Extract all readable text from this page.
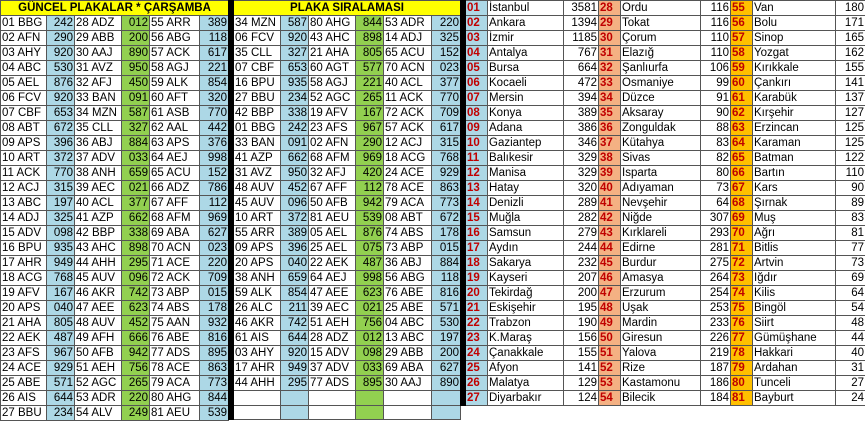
GÜNCEL PLAKALAR * ÇARŞAMBA					
01 BBG	242	28 ADZ	012	55 ARR	389
02 AFN	290	29 ABB	200	56 ABG	118
03 AHY	920	30 AAJ	890	57 ACK	617
04 ABC	530	31 AVZ	950	58 AGJ	221
05 AEL	876	32 AFJ	450	59 ALK	854
06 FCV	920	33 BAN	091	60 AFT	320
07 CBF	653	34 MZN	587	61 ASB	770
08 ABT	672	35 CLL	327	62 AAL	442
09 APS	396	36 ABJ	884	63 APS	376
10 ART	372	37 ADV	033	64 AEJ	998
11 ACK	770	38 ANH	659	65 ACU	152
12 ACJ	315	39 AEC	021	66 ADZ	786
13 ABC	197	40 ACL	377	67 AFF	112
14 ADJ	325	41 AZP	662	68 AFM	969
15 ADV	098	42 BBP	338	69 ABA	627
16 BPU	935	43 AHC	898	70 ACN	023
17 AHR	949	44 AHH	295	71 ACE	220
18 ACG	768	45 AUV	096	72 ACK	709
19 AFV	167	46 AKR	742	73 ABP	015
20 APS	040	47 AEE	623	74 ABS	178
21 AHA	805	48 AUV	452	75 AAN	932
22 AEK	487	49 AFH	666	76 ABE	816
23 AFS	967	50 AFB	942	77 ADS	895
24 ACE	929	51 AEH	756	78 ACE	863
25 ABE	571	52 AGC	265	79 ACA	773
26 AIS	644	53 ADR	220	80 AHG	844
27 BBU	234	54 ALV	249	81 AEU	539
	PLAKA SIRALAMASI					
	34 MZN	587	80 AHG	844	53 ADR	220
	06 FCV	920	43 AHC	898	14 ADJ	325
	35 CLL	327	21 AHA	805	65 ACU	152
	07 CBF	653	60 AGT	577	70 ACN	023
	16 BPU	935	58 AGJ	221	40 ACL	377
	27 BBU	234	52 AGC	265	11 ACK	770
	42 BBP	338	19 AFV	167	72 ACK	709
	01 BBG	242	23 AFS	967	57 ACK	617
	33 BAN	091	02 AFN	290	12 ACJ	315
	41 AZP	662	68 AFM	969	18 ACG	768
	31 AVZ	950	32 AFJ	420	24 ACE	929
	48 AUV	452	67 AFF	112	78 ACE	863
	45 AUV	096	50 AFB	942	79 ACA	773
	10 ART	372	81 AEU	539	08 ABT	672
	55 ARR	389	05 AEL	876	74 ABS	178
	09 APS	396	25 AEL	075	73 ABP	015
	20 APS	040	22 AEK	487	36 ABJ	884
	38 ANH	659	64 AEJ	998	56 ABG	118
	59 ALK	854	47 AEE	623	76 ABE	816
	26 ALC	211	39 AEC	021	25 ABE	571
	46 AKR	742	51 AEH	756	04 ABC	530
	61 AIS	644	28 ADZ	012	13 ABC	197
	03 AHY	920	15 ADV	098	29 ABB	200
	17 AHR	949	37 ADV	033	69 ABA	627
	44 AHH	295	77 ADS	895	30 AAJ	890

	01	İstanbul	3581	28	Ordu	116	55	Van	180
	02	Ankara	1394	29	Tokat	116	56	Bolu	171
	03	İzmir	1185	30	Çorum	110	57	Sinop	165
	04	Antalya	767	31	Elazığ	110	58	Yozgat	162
	05	Bursa	664	32	Şanlıurfa	106	59	Kırıkkale	155
	06	Kocaeli	472	33	Osmaniye	99	60	Çankırı	141
	07	Mersin	394	34	Düzce	91	61	Karabük	137
	08	Konya	389	35	Aksaray	90	62	Kırşehir	127
	09	Adana	386	36	Zonguldak	88	63	Erzincan	125
	10	Gaziantep	346	37	Kütahya	83	64	Karaman	125
	11	Balıkesir	329	38	Sivas	82	65	Batman	122
	12	Manisa	329	39	Isparta	80	66	Bartın	110
	13	Hatay	320	40	Adıyaman	73	67	Kars	90
	14	Denizli	289	41	Nevşehir	64	68	Şırnak	89
	15	Muğla	282	42	Niğde	307	69	Muş	83
	16	Samsun	279	43	Kırklareli	293	70	Ağrı	81
	17	Aydın	244	44	Edirne	281	71	Bitlis	77
	18	Sakarya	232	45	Burdur	275	72	Artvin	73
	19	Kayseri	207	46	Amasya	264	73	Iğdır	69
	20	Tekirdağ	200	47	Erzurum	254	74	Kilis	64
	21	Eskişehir	195	48	Uşak	253	75	Bingöl	54
	22	Trabzon	190	49	Mardin	233	76	Siirt	48
	23	K.Maraş	156	50	Giresun	226	77	Gümüşhane	44
	24	Çanakkale	155	51	Yalova	219	78	Hakkari	40
	25	Afyon	141	52	Rize	187	79	Ardahan	31
	26	Malatya	129	53	Kastamonu	186	80	Tunceli	27
	27	Diyarbakır	124	54	Bilecik	184	81	Bayburt	24
